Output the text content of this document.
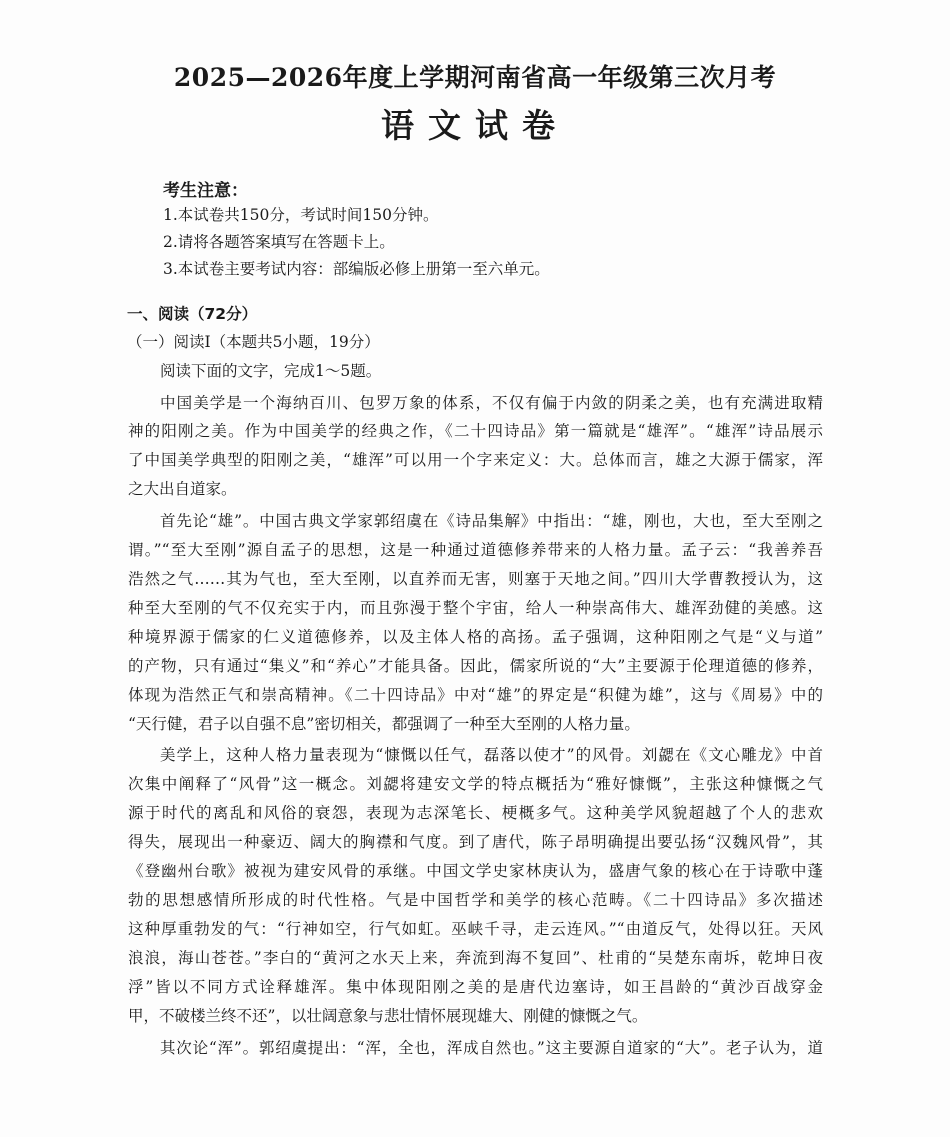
2025—2026年度上学期河南省高一年级第三次月考
语文试卷
考生注意：
1.本试卷共150分，考试时间150分钟。
2.请将各题答案填写在答题卡上。
3.本试卷主要考试内容：部编版必修上册第一至六单元。
一、阅读（72分）
（一）阅读Ⅰ（本题共5小题，19分）
阅读下面的文字，完成1～5题。
中国美学是一个海纳百川、包罗万象的体系，不仅有偏于内敛的阴柔之美，也有充满进取精
神的阳刚之美。作为中国美学的经典之作，《二十四诗品》第一篇就是“雄浑”。“雄浑”诗品展示
了中国美学典型的阳刚之美，“雄浑”可以用一个字来定义：大。总体而言，雄之大源于儒家，浑
之大出自道家。
首先论“雄”。中国古典文学家郭绍虞在《诗品集解》中指出：“雄，刚也，大也，至大至刚之
谓。”“至大至刚”源自孟子的思想，这是一种通过道德修养带来的人格力量。孟子云：“我善养吾
浩然之气……其为气也，至大至刚，以直养而无害，则塞于天地之间。”四川大学曹教授认为，这
种至大至刚的气不仅充实于内，而且弥漫于整个宇宙，给人一种崇高伟大、雄浑劲健的美感。这
种境界源于儒家的仁义道德修养，以及主体人格的高扬。孟子强调，这种阳刚之气是“义与道”
的产物，只有通过“集义”和“养心”才能具备。因此，儒家所说的“大”主要源于伦理道德的修养，
体现为浩然正气和崇高精神。《二十四诗品》中对“雄”的界定是“积健为雄”，这与《周易》中的
“天行健，君子以自强不息”密切相关，都强调了一种至大至刚的人格力量。
美学上，这种人格力量表现为“慷慨以任气，磊落以使才”的风骨。刘勰在《文心雕龙》中首
次集中阐释了“风骨”这一概念。刘勰将建安文学的特点概括为“雅好慷慨”，主张这种慷慨之气
源于时代的离乱和风俗的衰怨，表现为志深笔长、梗概多气。这种美学风貌超越了个人的悲欢
得失，展现出一种豪迈、阔大的胸襟和气度。到了唐代，陈子昂明确提出要弘扬“汉魏风骨”，其
《登幽州台歌》被视为建安风骨的承继。中国文学史家林庚认为，盛唐气象的核心在于诗歌中蓬
勃的思想感情所形成的时代性格。气是中国哲学和美学的核心范畴。《二十四诗品》多次描述
这种厚重勃发的气：“行神如空，行气如虹。巫峡千寻，走云连风。”“由道反气，处得以狂。天风
浪浪，海山苍苍。”李白的“黄河之水天上来，奔流到海不复回”、杜甫的“吴楚东南坼，乾坤日夜
浮”皆以不同方式诠释雄浑。集中体现阳刚之美的是唐代边塞诗，如王昌龄的“黄沙百战穿金
甲，不破楼兰终不还”，以壮阔意象与悲壮情怀展现雄大、刚健的慷慨之气。
其次论“浑”。郭绍虞提出：“浑，全也，浑成自然也。”这主要源自道家的“大”。老子认为，道
